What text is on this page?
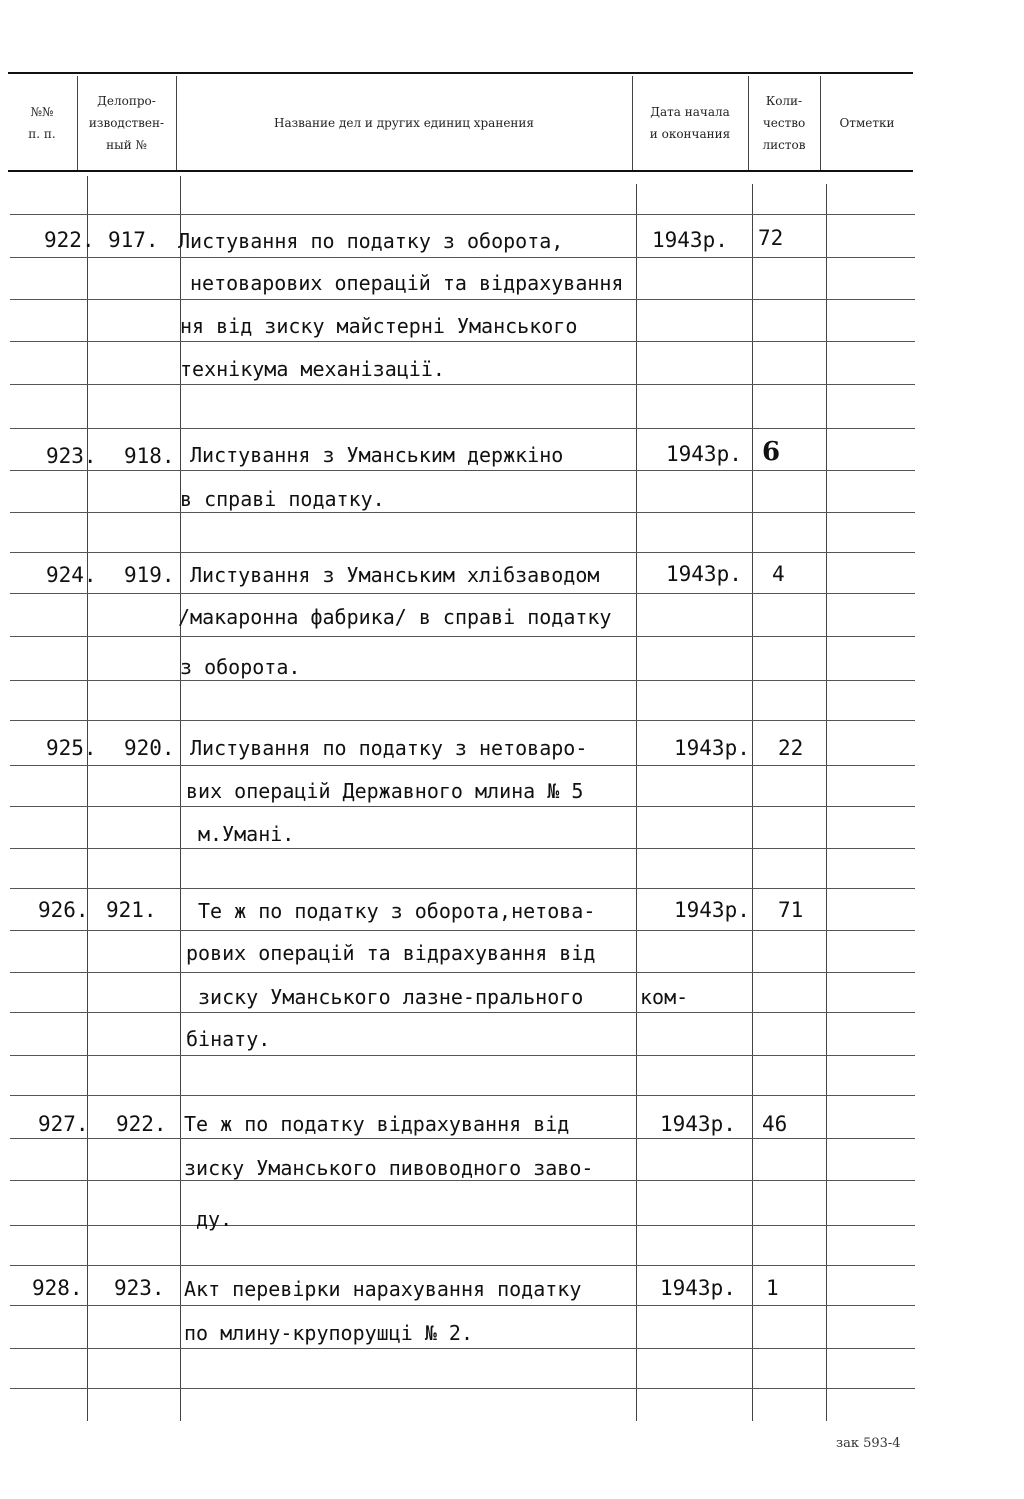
№№
п. п.
Делопро-
изводствен-
ный №
Название дел и других единиц хранения
Дата начала
и окончания
Коли-
чество
листов
Отметки
922. 917. Листування по податку з оборота,
нетоварових операцій та відрахування
ня від зиску майстерні Уманського
технікума механізації.
1943р. 72
923. 918. Листування з Уманським держкіно
в справі податку.
1943р. 6
924. 919. Листування з Уманським хлібзаводом
/макаронна фабрика/ в справі податку
з оборота.
1943р. 4
925. 920. Листування по податку з нетоваро-
вих операцій Державного млина № 5
м.Умані.
1943р. 22
926. 921. Те ж по податку з оборота,нетова-
рових операцій та відрахування від
зиску Уманського лазне-прального	ком-
бінату.
1943р. 71
927. 922. Те ж по податку відрахування від
зиску Уманського пивоводного заво-
ду.
1943р. 46
928. 923. Акт перевірки нарахування податку
по млину-крупорушці № 2.
1943р. 1
зак 593-4
